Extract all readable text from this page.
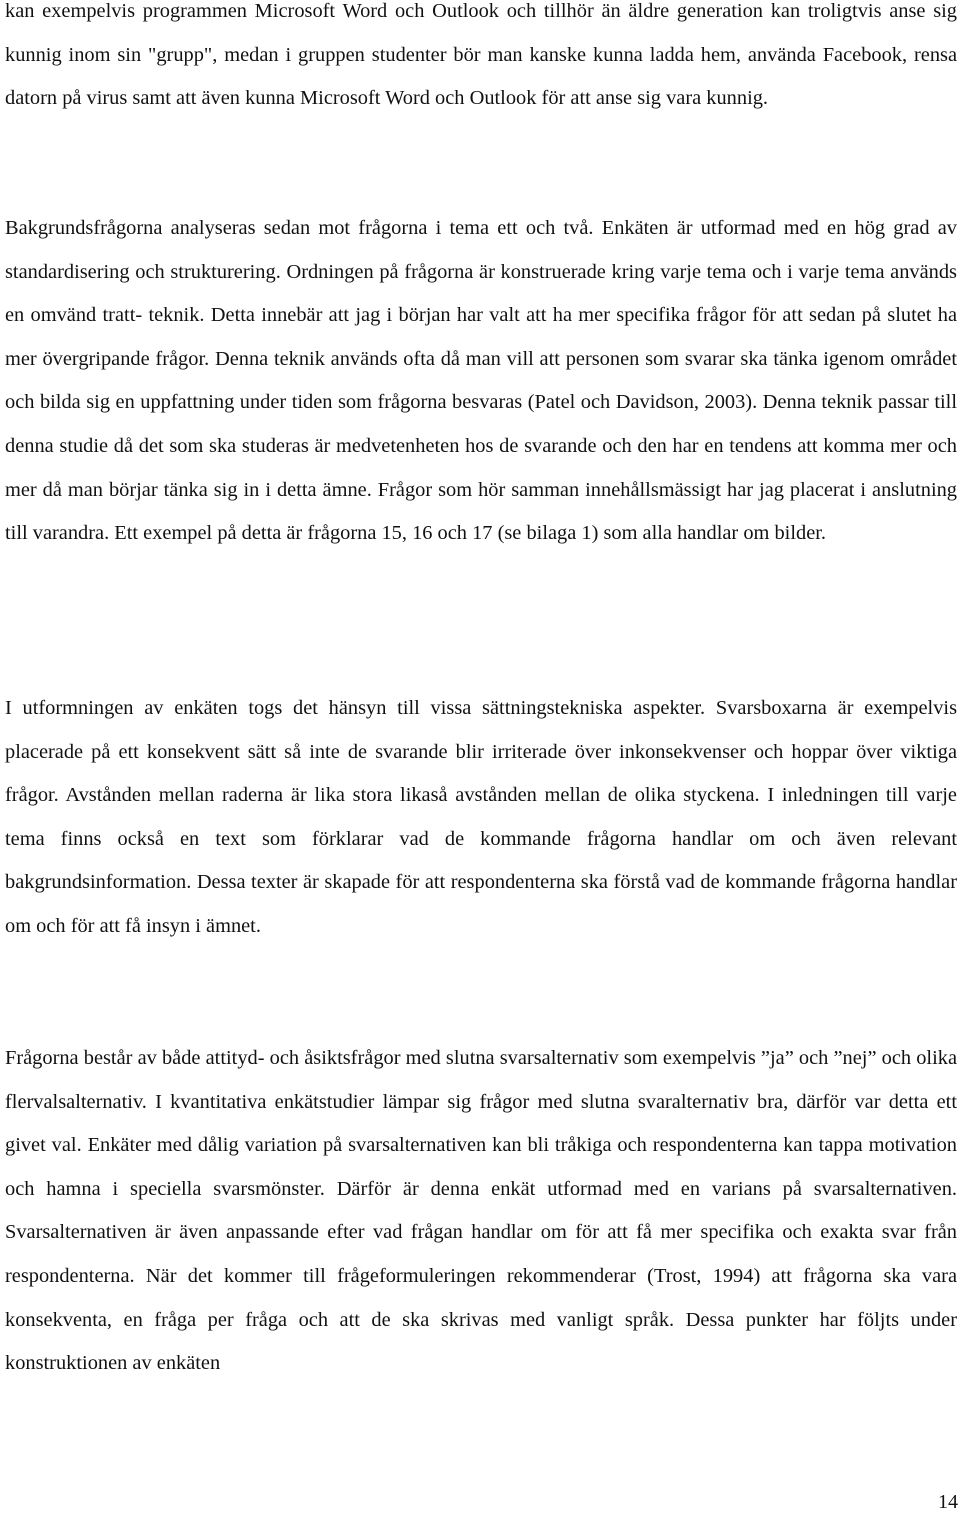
kan exempelvis programmen Microsoft Word och Outlook och tillhör än äldre generation kan troligtvis anse sig kunnig inom sin "grupp", medan i gruppen studenter bör man kanske kunna ladda hem, använda Facebook, rensa datorn på virus samt att även kunna Microsoft Word och Outlook för att anse sig vara kunnig.

Bakgrundsfrågorna analyseras sedan mot frågorna i tema ett och två. Enkäten är utformad med en hög grad av standardisering och strukturering. Ordningen på frågorna är konstruerade kring varje tema och i varje tema används en omvänd tratt- teknik. Detta innebär att jag i början har valt att ha mer specifika frågor för att sedan på slutet ha mer övergripande frågor. Denna teknik används ofta då man vill att personen som svarar ska tänka igenom området och bilda sig en uppfattning under tiden som frågorna besvaras (Patel och Davidson, 2003). Denna teknik passar till denna studie då det som ska studeras är medvetenheten hos de svarande och den har en tendens att komma mer och mer då man börjar tänka sig in i detta ämne. Frågor som hör samman innehållsmässigt har jag placerat i anslutning till varandra. Ett exempel på detta är frågorna 15, 16 och 17 (se bilaga 1) som alla handlar om bilder.

I utformningen av enkäten togs det hänsyn till vissa sättningstekniska aspekter. Svarsboxarna är exempelvis placerade på ett konsekvent sätt så inte de svarande blir irriterade över inkonsekvenser och hoppar över viktiga frågor. Avstånden mellan raderna är lika stora likaså avstånden mellan de olika styckena. I inledningen till varje tema finns också en text som förklarar vad de kommande frågorna handlar om och även relevant bakgrundsinformation. Dessa texter är skapade för att respondenterna ska förstå vad de kommande frågorna handlar om och för att få insyn i ämnet.

Frågorna består av både attityd- och åsiktsfrågor med slutna svarsalternativ som exempelvis ”ja” och ”nej” och olika flervalsalternativ. I kvantitativa enkätstudier lämpar sig frågor med slutna svaralternativ bra, därför var detta ett givet val. Enkäter med dålig variation på svarsalternativen kan bli tråkiga och respondenterna kan tappa motivation och hamna i speciella svarsmönster. Därför är denna enkät utformad med en varians på svarsalternativen. Svarsalternativen är även anpassande efter vad frågan handlar om för att få mer specifika och exakta svar från respondenterna. När det kommer till frågeformuleringen rekommenderar (Trost, 1994) att frågorna ska vara konsekventa, en fråga per fråga och att de ska skrivas med vanligt språk. Dessa punkter har följts under konstruktionen av enkäten

14
